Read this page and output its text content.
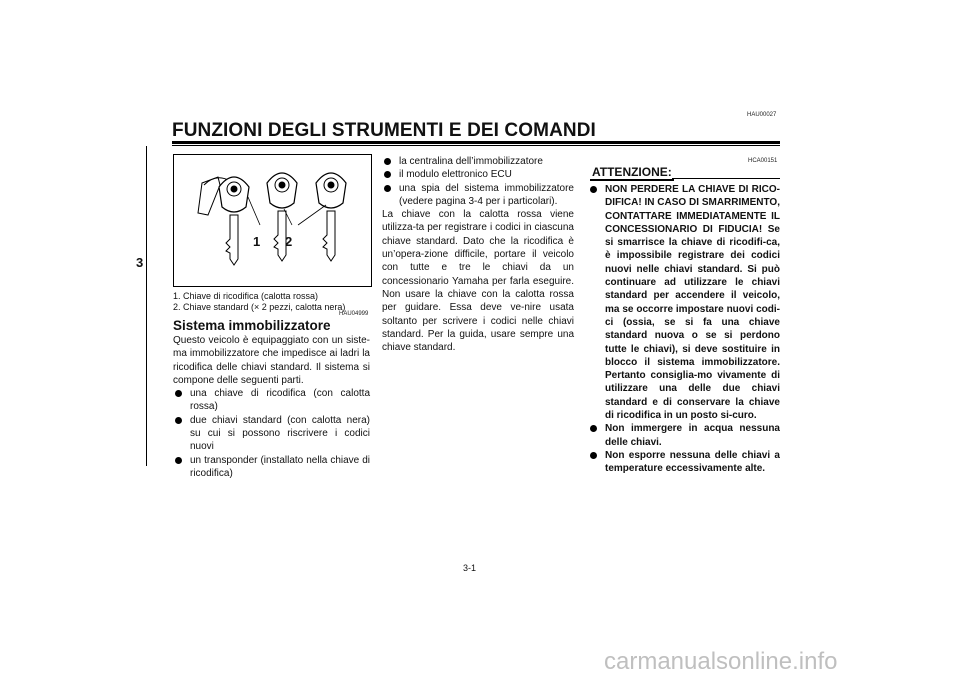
FUNZIONI DEGLI STRUMENTI E DEI COMANDI
HAU00027
3
1 2
1. Chiave di ricodifica (calotta rossa)
2. Chiave standard (× 2 pezzi, calotta nera)
HAU04999
Sistema immobilizzatore

Questo veicolo è equipaggiato con un siste-ma immobilizzatore che impedisce ai ladri la ricodifica delle chiavi standard. Il sistema si compone delle seguenti parti.

una chiave di ricodifica (con calotta rossa)
due chiavi standard (con calotta nera) su cui si possono riscrivere i codici nuovi
un transponder (installato nella chiave di ricodifica)
la centralina dell’immobilizzatore
il modulo elettronico ECU
una spia del sistema immobilizzatore (vedere pagina 3-4 per i particolari).

La chiave con la calotta rossa viene utilizza-ta per registrare i codici in ciascuna chiave standard. Dato che la ricodifica è un’opera-zione difficile, portare il veicolo con tutte e tre le chiavi da un concessionario Yamaha per farla eseguire. Non usare la chiave con la calotta rossa per guidare. Essa deve ve-nire usata soltanto per scrivere i codici nelle chiavi standard. Per la guida, usare sempre una chiave standard.

HCA00151
ATTENZIONE:
NON PERDERE LA CHIAVE DI RICO-DIFICA! IN CASO DI SMARRIMENTO, CONTATTARE IMMEDIATAMENTE IL CONCESSIONARIO DI FIDUCIA! Se si smarrisce la chiave di ricodifi-ca, è impossibile registrare dei codici nuovi nelle chiavi standard. Si può continuare ad utilizzare le chiavi standard per accendere il veicolo, ma se occorre impostare nuovi codi-ci (ossia, se si fa una chiave standard nuova o se si perdono tutte le chiavi), si deve sostituire in blocco il sistema immobilizzatore. Pertanto consiglia-mo vivamente di utilizzare una delle due chiavi standard e di conservare la chiave di ricodifica in un posto si-curo.
Non immergere in acqua nessuna delle chiavi.
Non esporre nessuna delle chiavi a temperature eccessivamente alte.
3-1
carmanualsonline.info
